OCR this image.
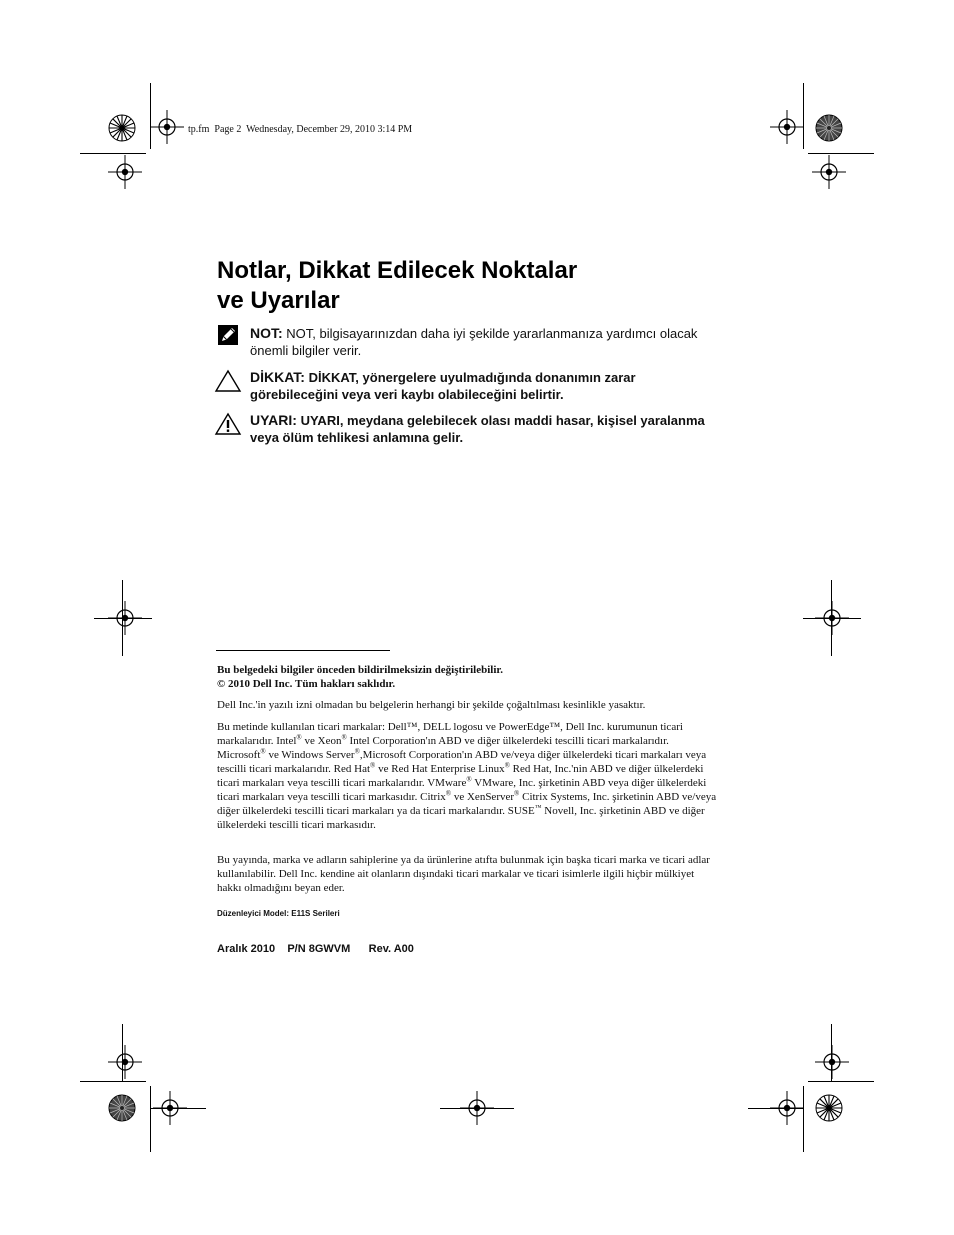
tp.fm Page 2 Wednesday, December 29, 2010 3:14 PM
Notlar, Dikkat Edilecek Noktalar
ve Uyarılar
NOT: NOT, bilgisayarınızdan daha iyi şekilde yararlanmanıza yardımcı olacak önemli bilgiler verir.
DİKKAT: DİKKAT, yönergelere uyulmadığında donanımın zarar görebileceğini veya veri kaybı olabileceğini belirtir.
UYARI: UYARI, meydana gelebilecek olası maddi hasar, kişisel yaralanma veya ölüm tehlikesi anlamına gelir.

Bu belgedeki bilgiler önceden bildirilmeksizin değiştirilebilir.

© 2010 Dell Inc. Tüm hakları saklıdır.

Dell Inc.'in yazılı izni olmadan bu belgelerin herhangi bir şekilde çoğaltılması kesinlikle yasaktır.

Bu metinde kullanılan ticari markalar: Dell™, DELL logosu ve PowerEdge™, Dell Inc. kurumunun ticari markalarıdır. Intel® ve Xeon® Intel Corporation'ın ABD ve diğer ülkelerdeki tescilli ticari markalarıdır. Microsoft® ve Windows Server®,Microsoft Corporation'ın ABD ve/veya diğer ülkelerdeki ticari markaları veya tescilli ticari markalarıdır. Red Hat® ve Red Hat Enterprise Linux® Red Hat, Inc.'nin ABD ve diğer ülkelerdeki ticari markaları veya tescilli ticari markalarıdır. VMware® VMware, Inc. şirketinin ABD veya diğer ülkelerdeki ticari markaları veya tescilli ticari markasıdır. Citrix® ve XenServer® Citrix Systems, Inc. şirketinin ABD ve/veya diğer ülkelerdeki tescilli ticari markaları ya da ticari markalarıdır. SUSE™ Novell, Inc. şirketinin ABD ve diğer ülkelerdeki tescilli ticari markasıdır.

Bu yayında, marka ve adların sahiplerine ya da ürünlerine atıfta bulunmak için başka ticari marka ve ticari adlar kullanılabilir. Dell Inc. kendine ait olanların dışındaki ticari markalar ve ticari isimlerle ilgili hiçbir mülkiyet hakkı olmadığını beyan eder.

Düzenleyici Model: E11S Serileri
Aralık 2010 P/N 8GWVM Rev. A00
